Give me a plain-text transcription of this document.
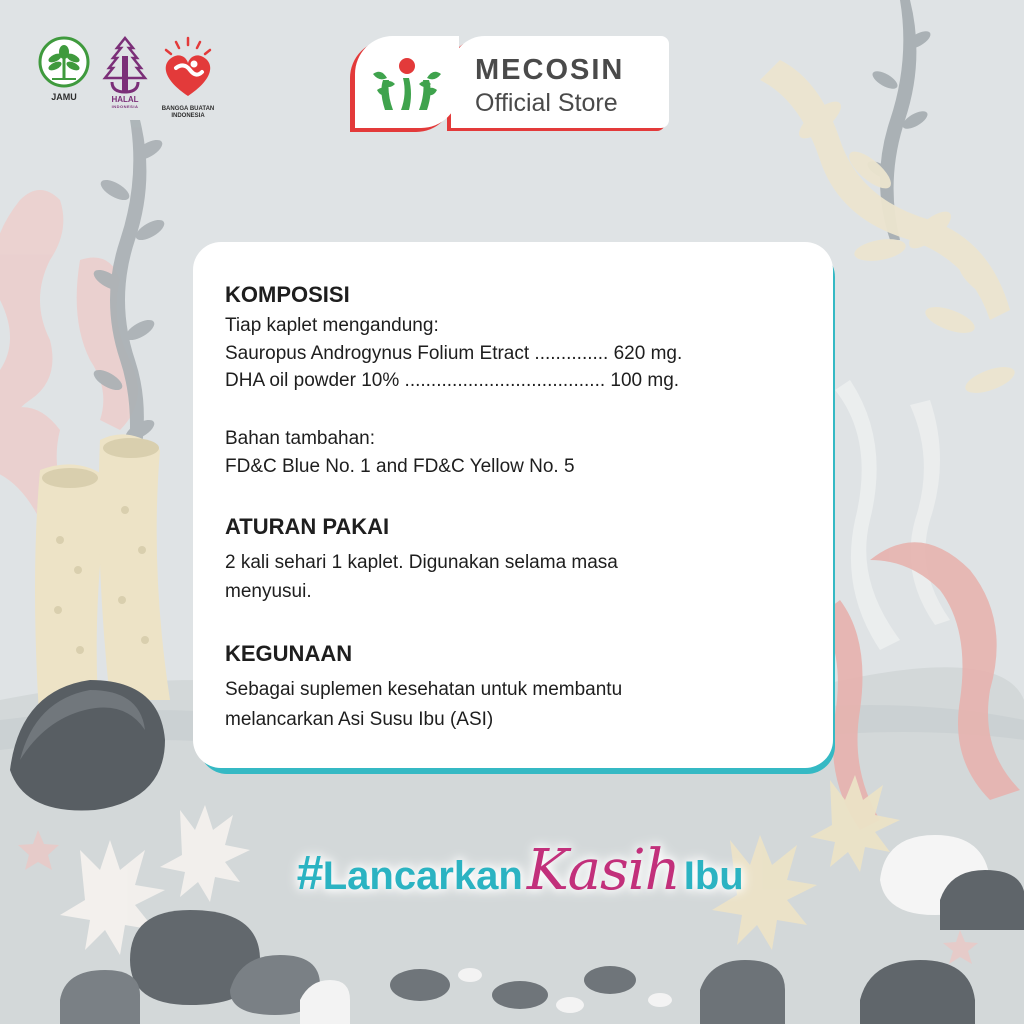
JAMU	HALAL
INDONESIA	BANGGA BUATAN
INDONESIA
MECOSIN
Official Store
KOMPOSISI
Tiap kaplet mengandung:
Sauropus Androgynus Folium Etract .............. 620 mg.
DHA oil powder 10% ...................................... 100 mg.
Bahan tambahan:
FD&C Blue No. 1 and FD&C Yellow No. 5
ATURAN PAKAI
2 kali sehari 1 kaplet. Digunakan selama masa
menyusui.
KEGUNAAN
Sebagai suplemen kesehatan untuk membantu
melancarkan Asi Susu Ibu (ASI)
#LancarkanKasih Ibu
